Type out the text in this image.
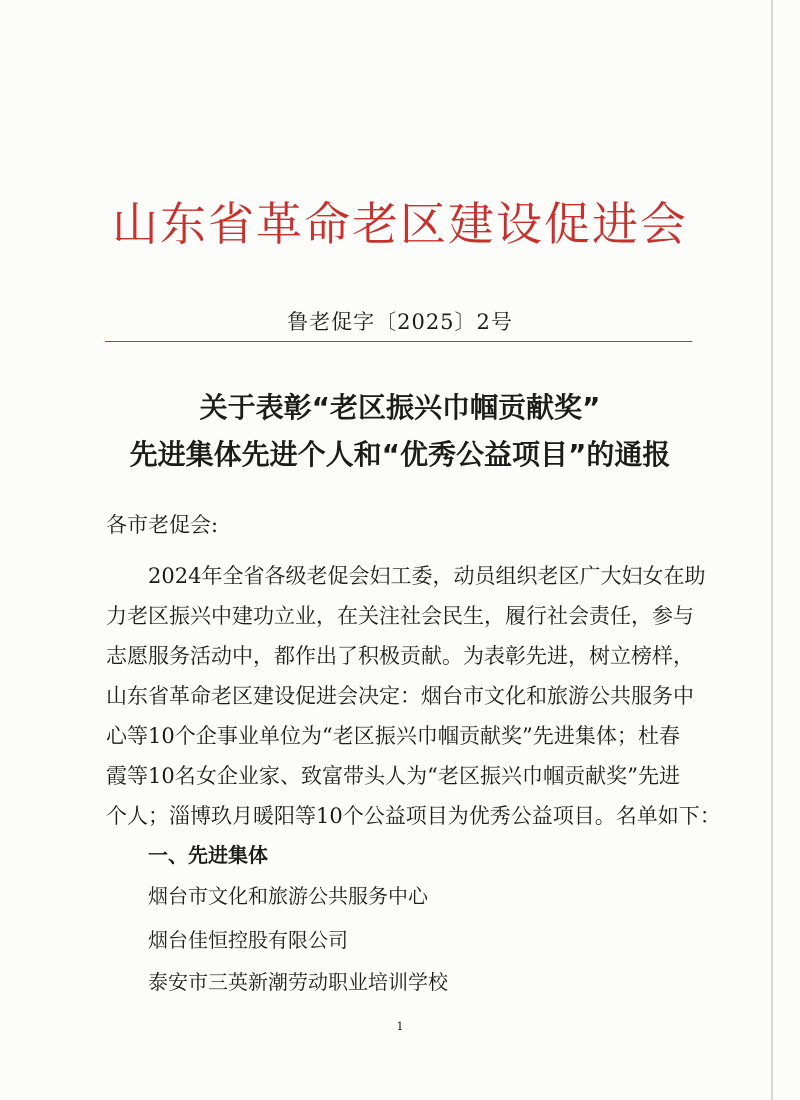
山东省革命老区建设促进会
鲁老促字〔2025〕2号
关于表彰“老区振兴巾帼贡献奖”
先进集体先进个人和“优秀公益项目”的通报
各市老促会:
2024年全省各级老促会妇工委，动员组织老区广大妇女在助
力老区振兴中建功立业，在关注社会民生，履行社会责任，参与
志愿服务活动中，都作出了积极贡献。为表彰先进，树立榜样，
山东省革命老区建设促进会决定：烟台市文化和旅游公共服务中
心等10个企事业单位为“老区振兴巾帼贡献奖”先进集体；杜春
霞等10名女企业家、致富带头人为“老区振兴巾帼贡献奖”先进
个人；淄博玖月暖阳等10个公益项目为优秀公益项目。名单如下：
一、先进集体
烟台市文化和旅游公共服务中心
烟台佳恒控股有限公司
泰安市三英新潮劳动职业培训学校
1
